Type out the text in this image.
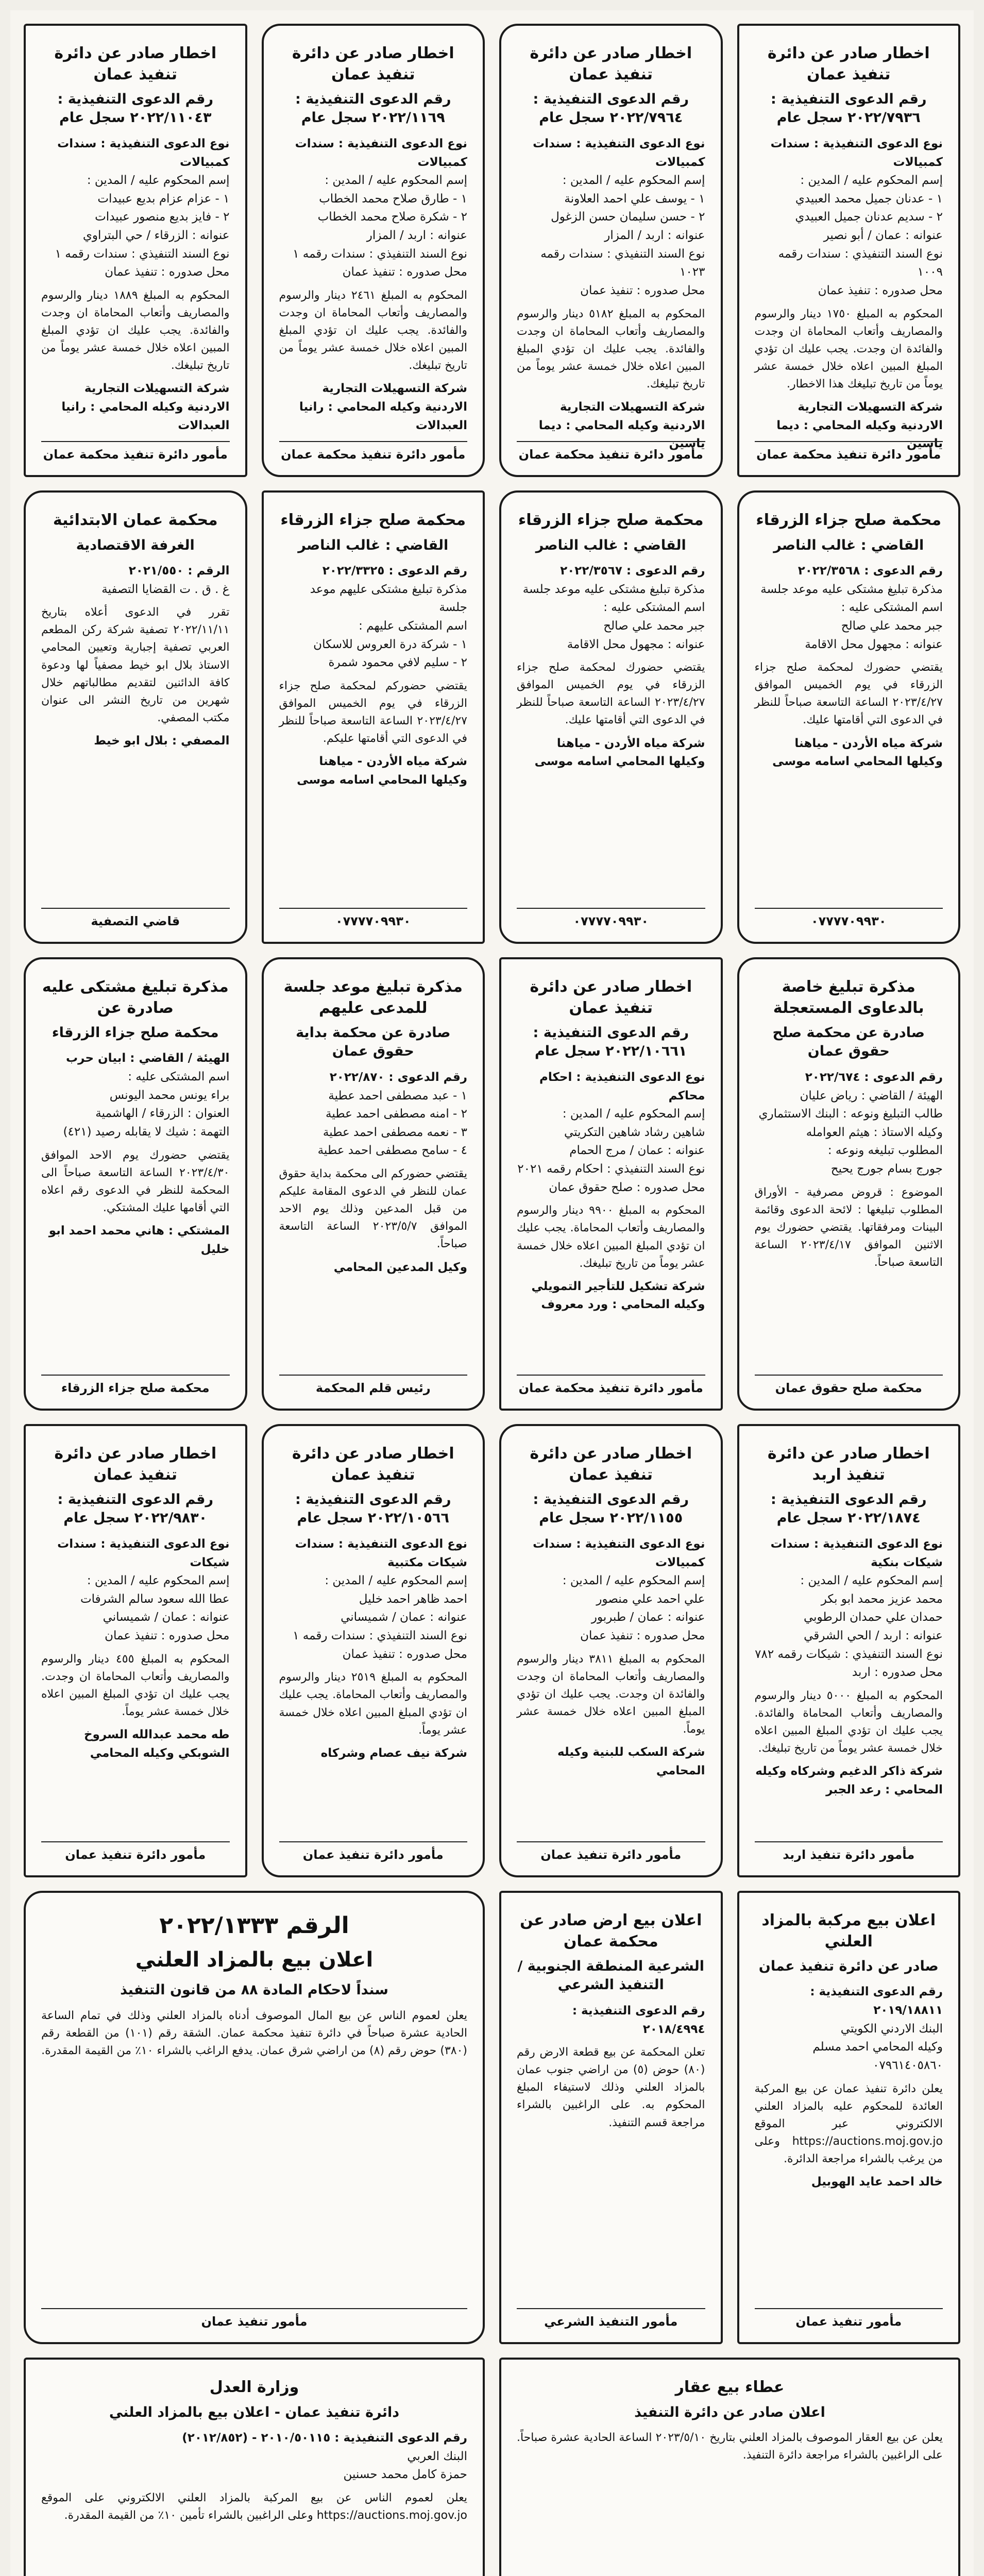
اخطار صادر عن دائرة تنفيذ عمان

رقم الدعوى التنفيذية : ٢٠٢٢/٧٩٣٦ سجل عام

نوع الدعوى التنفيذية : سندات كمبيالات

إسم المحكوم عليه / المدين :

١ - عدنان جميل محمد العبيدي

٢ - سديم عدنان جميل العبيدي

عنوانه : عمان / أبو نصير

نوع السند التنفيذي : سندات رقمه ١٠٠٩

محل صدوره : تنفيذ عمان

المحكوم به المبلغ ١٧٥٠ دينار والرسوم والمصاريف وأتعاب المحاماة ان وجدت والفائدة ان وجدت. يجب عليك ان تؤدي المبلغ المبين اعلاه خلال خمسة عشر يوماً من تاريخ تبليغك هذا الاخطار.

شركة التسهيلات التجارية الاردنية وكيله المحامي : ديما ياسين

مأمور دائرة تنفيذ محكمة عمان

اخطار صادر عن دائرة تنفيذ عمان

رقم الدعوى التنفيذية : ٢٠٢٢/٧٩٦٤ سجل عام

نوع الدعوى التنفيذية : سندات كمبيالات

إسم المحكوم عليه / المدين :

١ - يوسف علي احمد العلاونة

٢ - حسن سليمان حسن الزغول

عنوانه : اربد / المزار

نوع السند التنفيذي : سندات رقمه ١٠٢٣

محل صدوره : تنفيذ عمان

المحكوم به المبلغ ٥١٨٢ دينار والرسوم والمصاريف وأتعاب المحاماة ان وجدت والفائدة. يجب عليك ان تؤدي المبلغ المبين اعلاه خلال خمسة عشر يوماً من تاريخ تبليغك.

شركة التسهيلات التجارية الاردنية وكيله المحامي : ديما ياسين

مأمور دائرة تنفيذ محكمة عمان

اخطار صادر عن دائرة تنفيذ عمان

رقم الدعوى التنفيذية : ٢٠٢٢/١١٦٩ سجل عام

نوع الدعوى التنفيذية : سندات كمبيالات

إسم المحكوم عليه / المدين :

١ - طارق صلاح محمد الخطاب

٢ - شكرة صلاح محمد الخطاب

عنوانه : اربد / المزار

نوع السند التنفيذي : سندات رقمه ١

محل صدوره : تنفيذ عمان

المحكوم به المبلغ ٢٤٦١ دينار والرسوم والمصاريف وأتعاب المحاماة ان وجدت والفائدة. يجب عليك ان تؤدي المبلغ المبين اعلاه خلال خمسة عشر يوماً من تاريخ تبليغك.

شركة التسهيلات التجارية الاردنية وكيله المحامي : رانيا العبدالات

مأمور دائرة تنفيذ محكمة عمان

اخطار صادر عن دائرة تنفيذ عمان

رقم الدعوى التنفيذية : ٢٠٢٢/١١٠٤٣ سجل عام

نوع الدعوى التنفيذية : سندات كمبيالات

إسم المحكوم عليه / المدين :

١ - عزام عزام بديع عبيدات

٢ - فايز بديع منصور عبيدات

عنوانه : الزرقاء / حي البتراوي

نوع السند التنفيذي : سندات رقمه ١

محل صدوره : تنفيذ عمان

المحكوم به المبلغ ١٨٨٩ دينار والرسوم والمصاريف وأتعاب المحاماة ان وجدت والفائدة. يجب عليك ان تؤدي المبلغ المبين اعلاه خلال خمسة عشر يوماً من تاريخ تبليغك.

شركة التسهيلات التجارية الاردنية وكيله المحامي : رانيا العبدالات

مأمور دائرة تنفيذ محكمة عمان

محكمة صلح جزاء الزرقاء

القاضي : غالب الناصر

رقم الدعوى : ٢٠٢٢/٣٥٦٨

مذكرة تبليغ مشتكى عليه موعد جلسة

اسم المشتكى عليه :

جبر محمد علي صالح

عنوانه : مجهول محل الاقامة

يقتضي حضورك لمحكمة صلح جزاء الزرقاء في يوم الخميس الموافق ٢٠٢٣/٤/٢٧ الساعة التاسعة صباحاً للنظر في الدعوى التي أقامتها عليك.

شركة مياه الأردن - مياهنا وكيلها المحامي اسامه موسى

٠٧٧٧٧٠٩٩٣٠

محكمة صلح جزاء الزرقاء

القاضي : غالب الناصر

رقم الدعوى : ٢٠٢٢/٣٥٦٧

مذكرة تبليغ مشتكى عليه موعد جلسة

اسم المشتكى عليه :

جبر محمد علي صالح

عنوانه : مجهول محل الاقامة

يقتضي حضورك لمحكمة صلح جزاء الزرقاء في يوم الخميس الموافق ٢٠٢٣/٤/٢٧ الساعة التاسعة صباحاً للنظر في الدعوى التي أقامتها عليك.

شركة مياه الأردن - مياهنا وكيلها المحامي اسامه موسى

٠٧٧٧٧٠٩٩٣٠

محكمة صلح جزاء الزرقاء

القاضي : غالب الناصر

رقم الدعوى : ٢٠٢٢/٣٣٢٥

مذكرة تبليغ مشتكى عليهم موعد جلسة

اسم المشتكى عليهم :

١ - شركة درة العروس للاسكان

٢ - سليم لافي محمود شمرة

يقتضي حضوركم لمحكمة صلح جزاء الزرقاء في يوم الخميس الموافق ٢٠٢٣/٤/٢٧ الساعة التاسعة صباحاً للنظر في الدعوى التي أقامتها عليكم.

شركة مياه الأردن - مياهنا وكيلها المحامي اسامه موسى

٠٧٧٧٧٠٩٩٣٠

محكمة عمان الابتدائية

الغرفة الاقتصادية

الرقم : ٢٠٢١/٥٥٠

غ . ق . ت القضايا التصفية

تقرر في الدعوى أعلاه بتاريخ ٢٠٢٢/١١/١١ تصفية شركة ركن المطعم العربي تصفية إجبارية وتعيين المحامي الاستاذ بلال ابو خيط مصفياً لها ودعوة كافة الدائنين لتقديم مطالباتهم خلال شهرين من تاريخ النشر الى عنوان مكتب المصفي.

المصفي : بلال ابو خيط

قاضي التصفية

مذكرة تبليغ خاصة بالدعاوى المستعجلة

صادرة عن محكمة صلح حقوق عمان

رقم الدعوى : ٢٠٢٢/٦٧٤

الهيئة / القاضي : رياض عليان

طالب التبليغ ونوعه : البنك الاستثماري

وكيله الاستاذ : هيثم العوامله

المطلوب تبليغه ونوعه :

جورج بسام جورج يحيح

الموضوع : قروض مصرفية - الأوراق المطلوب تبليغها : لائحة الدعوى وقائمة البينات ومرفقاتها. يقتضي حضورك يوم الاثنين الموافق ٢٠٢٣/٤/١٧ الساعة التاسعة صباحاً.

محكمة صلح حقوق عمان

اخطار صادر عن دائرة تنفيذ عمان

رقم الدعوى التنفيذية : ٢٠٢٢/١٠٦٦١ سجل عام

نوع الدعوى التنفيذية : احكام محاكم

إسم المحكوم عليه / المدين :

شاهين رشاد شاهين التكريتي

عنوانه : عمان / مرج الحمام

نوع السند التنفيذي : احكام رقمه ٢٠٢١

محل صدوره : صلح حقوق عمان

المحكوم به المبلغ ٩٩٠٠ دينار والرسوم والمصاريف وأتعاب المحاماة. يجب عليك ان تؤدي المبلغ المبين اعلاه خلال خمسة عشر يوماً من تاريخ تبليغك.

شركة تشكيل للتأجير التمويلي وكيله المحامي : ورد معروف

مأمور دائرة تنفيذ محكمة عمان

مذكرة تبليغ موعد جلسة للمدعى عليهم

صادرة عن محكمة بداية حقوق عمان

رقم الدعوى : ٢٠٢٢/٨٧٠

١ - عبد مصطفى احمد عطية

٢ - امنه مصطفى احمد عطية

٣ - نعمه مصطفى احمد عطية

٤ - سامح مصطفى احمد عطية

يقتضي حضوركم الى محكمة بداية حقوق عمان للنظر في الدعوى المقامة عليكم من قبل المدعين وذلك يوم الاحد الموافق ٢٠٢٣/٥/٧ الساعة التاسعة صباحاً.

وكيل المدعين المحامي

رئيس قلم المحكمة

مذكرة تبليغ مشتكى عليه صادرة عن

محكمة صلح جزاء الزرقاء

الهيئة / القاضي : ابيان حرب

اسم المشتكى عليه :

براء يونس محمد اليونس

العنوان : الزرقاء / الهاشمية

التهمة : شيك لا يقابله رصيد (٤٢١)

يقتضي حضورك يوم الاحد الموافق ٢٠٢٣/٤/٣٠ الساعة التاسعة صباحاً الى المحكمة للنظر في الدعوى رقم اعلاه التي أقامها عليك المشتكي.

المشتكي : هاني محمد احمد ابو خليل

محكمة صلح جزاء الزرقاء

اخطار صادر عن دائرة تنفيذ اربد

رقم الدعوى التنفيذية : ٢٠٢٢/١٨٧٤ سجل عام

نوع الدعوى التنفيذية : سندات شيكات بنكية

إسم المحكوم عليه / المدين :

محمد عزيز محمد ابو بكر

حمدان علي حمدان الرطوبي

عنوانه : اربد / الحي الشرقي

نوع السند التنفيذي : شيكات رقمه ٧٨٢

محل صدوره : اربد

المحكوم به المبلغ ٥٠٠٠ دينار والرسوم والمصاريف وأتعاب المحاماة والفائدة. يجب عليك ان تؤدي المبلغ المبين اعلاه خلال خمسة عشر يوماً من تاريخ تبليغك.

شركة ذاكر الدغيم وشركاه وكيله المحامي : رعد الجبر

مأمور دائرة تنفيذ اربد

اخطار صادر عن دائرة تنفيذ عمان

رقم الدعوى التنفيذية : ٢٠٢٢/١١٥٥ سجل عام

نوع الدعوى التنفيذية : سندات كمبيالات

إسم المحكوم عليه / المدين :

علي احمد علي منصور

عنوانه : عمان / طبربور

محل صدوره : تنفيذ عمان

المحكوم به المبلغ ٣٨١١ دينار والرسوم والمصاريف وأتعاب المحاماة ان وجدت والفائدة ان وجدت. يجب عليك ان تؤدي المبلغ المبين اعلاه خلال خمسة عشر يوماً.

شركة السكب للبنية وكيله المحامي

مأمور دائرة تنفيذ عمان

اخطار صادر عن دائرة تنفيذ عمان

رقم الدعوى التنفيذية : ٢٠٢٢/١٠٥٦٦ سجل عام

نوع الدعوى التنفيذية : سندات شيكات مكتبية

إسم المحكوم عليه / المدين :

احمد ظاهر احمد خليل

عنوانه : عمان / شميساني

نوع السند التنفيذي : سندات رقمه ١

محل صدوره : تنفيذ عمان

المحكوم به المبلغ ٢٥١٩ دينار والرسوم والمصاريف وأتعاب المحاماة. يجب عليك ان تؤدي المبلغ المبين اعلاه خلال خمسة عشر يوماً.

شركة نيف عصام وشركاه

مأمور دائرة تنفيذ عمان

اخطار صادر عن دائرة تنفيذ عمان

رقم الدعوى التنفيذية : ٢٠٢٢/٩٨٣٠ سجل عام

نوع الدعوى التنفيذية : سندات شيكات

إسم المحكوم عليه / المدين :

عطا الله سعود سالم الشرفات

عنوانه : عمان / شميساني

محل صدوره : تنفيذ عمان

المحكوم به المبلغ ٤٥٥ دينار والرسوم والمصاريف وأتعاب المحاماة ان وجدت. يجب عليك ان تؤدي المبلغ المبين اعلاه خلال خمسة عشر يوماً.

طه محمد عبدالله السروخ الشوبكي وكيله المحامي

مأمور دائرة تنفيذ عمان

اعلان بيع مركبة بالمزاد العلني

صادر عن دائرة تنفيذ عمان

رقم الدعوى التنفيذية : ٢٠١٩/١٨٨١١

البنك الاردني الكويتي

وكيله المحامي احمد مسلم

٠٧٩٦١٤٠٥٨٦٠

يعلن دائرة تنفيذ عمان عن بيع المركبة العائدة للمحكوم عليه بالمزاد العلني الالكتروني عبر الموقع https://auctions.moj.gov.jo وعلى من يرغب بالشراء مراجعة الدائرة.

خالد احمد عايد الهوبيل

مأمور تنفيذ عمان

اعلان بيع ارض صادر عن محكمة عمان

الشرعية المنطقة الجنوبية / التنفيذ الشرعي

رقم الدعوى التنفيذية : ٢٠١٨/٤٩٩٤

تعلن المحكمة عن بيع قطعة الارض رقم (٨٠) حوض (٥) من اراضي جنوب عمان بالمزاد العلني وذلك لاستيفاء المبلغ المحكوم به. على الراغبين بالشراء مراجعة قسم التنفيذ.

مأمور التنفيذ الشرعي

الرقم ٢٠٢٢/١٣٣٣

اعلان بيع بالمزاد العلني

سنداً لاحكام المادة ٨٨ من قانون التنفيذ

يعلن لعموم الناس عن بيع المال الموصوف أدناه بالمزاد العلني وذلك في تمام الساعة الحادية عشرة صباحاً في دائرة تنفيذ محكمة عمان. الشقة رقم (١٠١) من القطعة رقم (٣٨٠) حوض رقم (٨) من اراضي شرق عمان. يدفع الراغب بالشراء ١٠٪ من القيمة المقدرة.

مأمور تنفيذ عمان

عطاء بيع عقار

اعلان صادر عن دائرة التنفيذ

يعلن عن بيع العقار الموصوف بالمزاد العلني بتاريخ ٢٠٢٣/٥/١٠ الساعة الحادية عشرة صباحاً. على الراغبين بالشراء مراجعة دائرة التنفيذ.

وزارة العدل

دائرة تنفيذ عمان - اعلان بيع بالمزاد العلني

رقم الدعوى التنفيذية : ٢٠١٠/٥٠١١٥ - (٢٠١٢/٨٥٢)

البنك العربي

حمزة كامل محمد حسنين

يعلن لعموم الناس عن بيع المركبة بالمزاد العلني الالكتروني على الموقع https://auctions.moj.gov.jo وعلى الراغبين بالشراء تأمين ١٠٪ من القيمة المقدرة.
